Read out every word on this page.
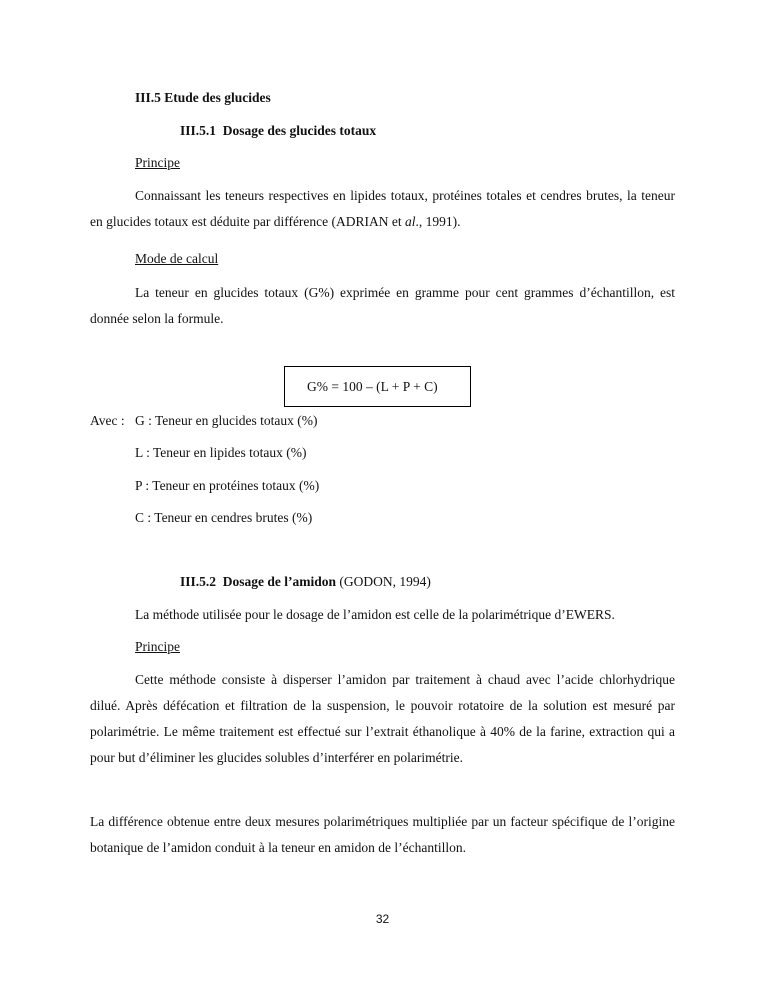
III.5 Etude des glucides
III.5.1 Dosage des glucides totaux
Principe
Connaissant les teneurs respectives en lipides totaux, protéines totales et cendres brutes, la teneur en glucides totaux est déduite par différence (ADRIAN et al., 1991).
Mode de calcul
La teneur en glucides totaux (G%) exprimée en gramme pour cent grammes d’échantillon, est donnée selon la formule.
G% = 100 – (L + P + C)
Avec : G : Teneur en glucides totaux (%)
L : Teneur en lipides totaux (%)
P : Teneur en protéines totaux (%)
C : Teneur en cendres brutes (%)
III.5.2 Dosage de l’amidon (GODON, 1994)
La méthode utilisée pour le dosage de l’amidon est celle de la polarimétrique d’EWERS.
Principe
Cette méthode consiste à disperser l’amidon par traitement à chaud avec l’acide chlorhydrique dilué. Après défécation et filtration de la suspension, le pouvoir rotatoire de la solution est mesuré par polarimétrie. Le même traitement est effectué sur l’extrait éthanolique à 40% de la farine, extraction qui a pour but d’éliminer les glucides solubles d’interférer en polarimétrie.
La différence obtenue entre deux mesures polarimétriques multipliée par un facteur spécifique de l’origine botanique de l’amidon conduit à la teneur en amidon de l’échantillon.
32
